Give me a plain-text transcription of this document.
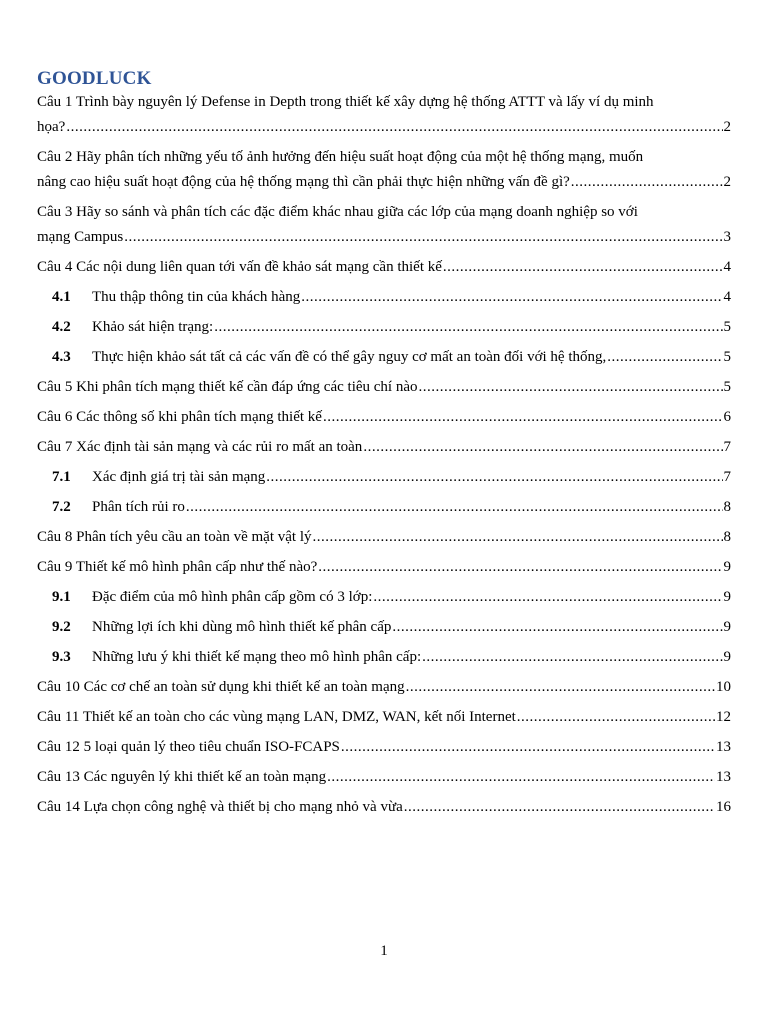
GOODLUCK
Câu 1 Trình bày nguyên lý Defense in Depth trong thiết kế xây dựng hệ thống ATTT và lấy ví dụ minh
họa? .....	2
Câu 2 Hãy phân tích những yếu tố ảnh hưởng đến hiệu suất hoạt động của một hệ thống mạng, muốn
nâng cao hiệu suất hoạt động của hệ thống mạng thì cần phải thực hiện những vấn đề gì? .....	2
Câu 3 Hãy so sánh và phân tích các đặc điểm khác nhau giữa các lớp của mạng doanh nghiệp so với
mạng Campus .....	3
Câu 4 Các nội dung liên quan tới vấn đề khảo sát mạng cần thiết kế .....	4
4.1	Thu thập thông tin của khách hàng .....	4
4.2	Khảo sát hiện trạng: .....	5
4.3	Thực hiện khảo sát tất cả các vấn đề có thể gây nguy cơ mất an toàn đối với hệ thống, .....	5
Câu 5 Khi phân tích mạng thiết kế cần đáp ứng các tiêu chí nào .....	5
Câu 6 Các thông số khi phân tích mạng thiết kế .....	6
Câu 7 Xác định tài sản mạng và các rủi ro mất an toàn .....	7
7.1	Xác định giá trị tài sản mạng .....	7
7.2	Phân tích rủi ro .....	8
Câu 8 Phân tích yêu cầu an toàn về mặt vật lý .....	8
Câu 9 Thiết kế mô hình phân cấp như thế nào? .....	9
9.1	Đặc điểm của mô hình phân cấp gồm có 3 lớp: .....	9
9.2	Những lợi ích khi dùng mô hình thiết kế phân cấp .....	9
9.3	Những lưu ý khi thiết kế mạng theo mô hình phân cấp: .....	9
Câu 10 Các cơ chế an toàn sử dụng khi thiết kế an toàn mạng .....	10
Câu 11 Thiết kế an toàn cho các vùng mạng LAN, DMZ, WAN, kết nối Internet .....	12
Câu 12 5 loại quản lý theo tiêu chuẩn ISO-FCAPS .....	13
Câu 13 Các nguyên lý khi thiết kế an toàn mạng .....	13
Câu 14 Lựa chọn công nghệ và thiết bị cho mạng nhỏ và vừa .....	16
1
